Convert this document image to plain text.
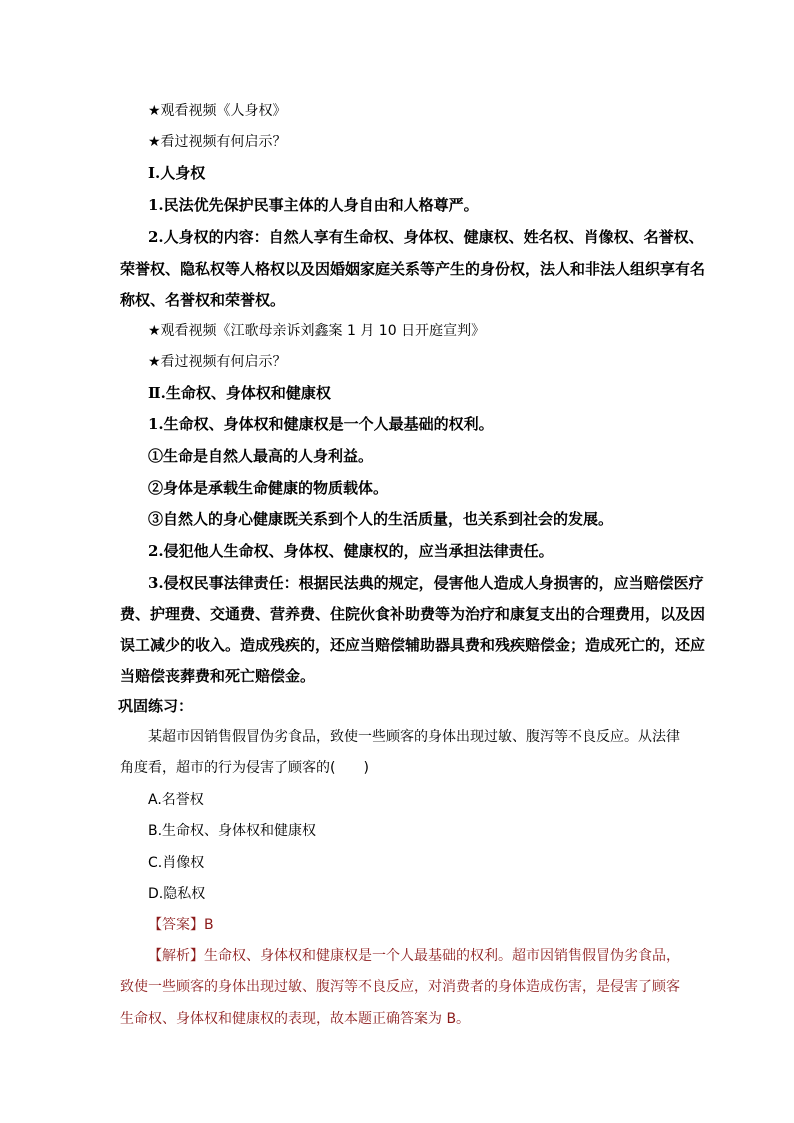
★观看视频《人身权》
★看过视频有何启示？
Ⅰ.人身权
1.民法优先保护民事主体的人身自由和人格尊严。
2.人身权的内容：自然人享有生命权、身体权、健康权、姓名权、肖像权、名誉权、
荣誉权、隐私权等人格权以及因婚姻家庭关系等产生的身份权，法人和非法人组织享有名
称权、名誉权和荣誉权。
★观看视频《江歌母亲诉刘鑫案 1 月 10 日开庭宣判》
★看过视频有何启示？
Ⅱ.生命权、身体权和健康权
1.生命权、身体权和健康权是一个人最基础的权利。
①生命是自然人最高的人身利益。
②身体是承载生命健康的物质载体。
③自然人的身心健康既关系到个人的生活质量，也关系到社会的发展。
2.侵犯他人生命权、身体权、健康权的，应当承担法律责任。
3.侵权民事法律责任：根据民法典的规定，侵害他人造成人身损害的，应当赔偿医疗
费、护理费、交通费、营养费、住院伙食补助费等为治疗和康复支出的合理费用，以及因
误工减少的收入。造成残疾的，还应当赔偿辅助器具费和残疾赔偿金；造成死亡的，还应
当赔偿丧葬费和死亡赔偿金。
巩固练习：
某超市因销售假冒伪劣食品，致使一些顾客的身体出现过敏、腹泻等不良反应。从法律
角度看，超市的行为侵害了顾客的(　　)
A.名誉权
B.生命权、身体权和健康权
C.肖像权
D.隐私权
【答案】B
【解析】生命权、身体权和健康权是一个人最基础的权利。超市因销售假冒伪劣食品，
致使一些顾客的身体出现过敏、腹泻等不良反应，对消费者的身体造成伤害，是侵害了顾客
生命权、身体权和健康权的表现，故本题正确答案为 B。
